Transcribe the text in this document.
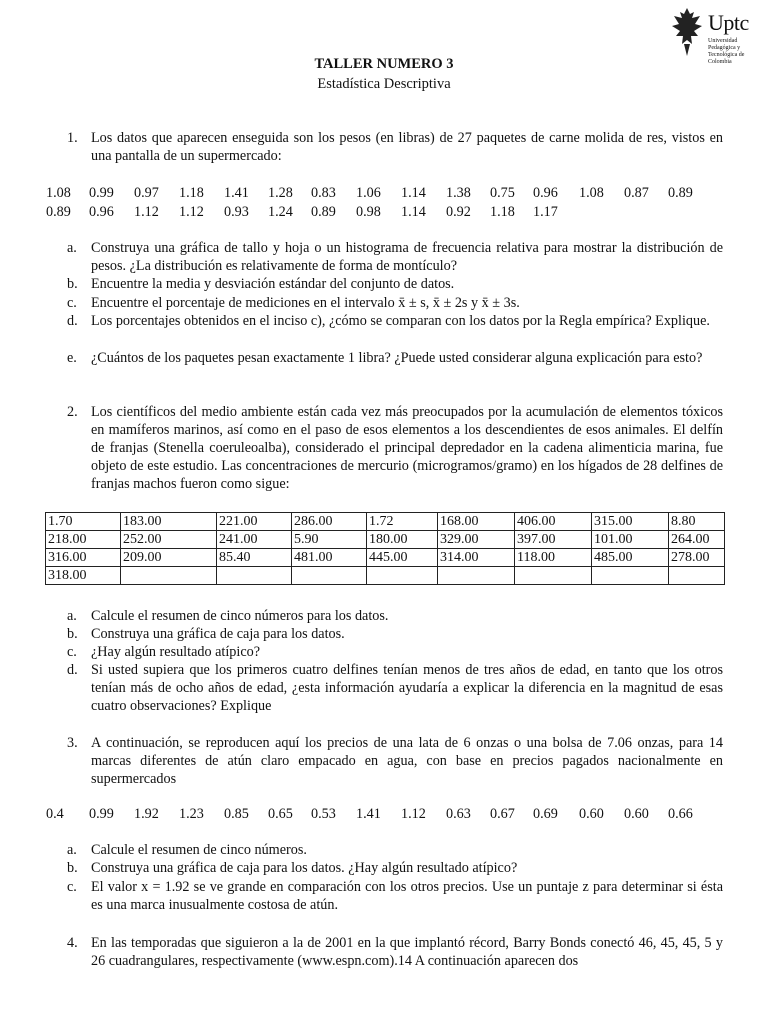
Uptc
Universidad Pedagógica y Tecnológica de Colombia
TALLER NUMERO 3
Estadística Descriptiva
1. Los datos que aparecen enseguida son los pesos (en libras) de 27 paquetes de carne molida de res, vistos en una pantalla de un supermercado:
1.08 0.99 0.97 1.18 1.41 1.28 0.83 1.06 1.14 1.38 0.75 0.96 1.08 0.87 0.89
0.89 0.96 1.12 1.12 0.93 1.24 0.89 0.98 1.14 0.92 1.18 1.17
a. Construya una gráfica de tallo y hoja o un histograma de frecuencia relativa para mostrar la distribución de pesos. ¿La distribución es relativamente de forma de montículo?
b. Encuentre la media y desviación estándar del conjunto de datos.
c. Encuentre el porcentaje de mediciones en el intervalo x̄ ± s, x̄ ± 2s y x̄ ± 3s.
d. Los porcentajes obtenidos en el inciso c), ¿cómo se comparan con los datos por la Regla empírica? Explique.
e. ¿Cuántos de los paquetes pesan exactamente 1 libra? ¿Puede usted considerar alguna explicación para esto?
2. Los científicos del medio ambiente están cada vez más preocupados por la acumulación de elementos tóxicos en mamíferos marinos, así como en el paso de esos elementos a los descendientes de esos animales. El delfín de franjas (Stenella coeruleoalba), considerado el principal depredador en la cadena alimenticia marina, fue objeto de este estudio. Las concentraciones de mercurio (microgramos/gramo) en los hígados de 28 delfines de franjas machos fueron como sigue:
1.70	183.00	221.00	286.00	1.72	168.00	406.00	315.00	8.80
218.00	252.00	241.00	5.90	180.00	329.00	397.00	101.00	264.00
316.00	209.00	85.40	481.00	445.00	314.00	118.00	485.00	278.00
318.00								
a. Calcule el resumen de cinco números para los datos.
b. Construya una gráfica de caja para los datos.
c. ¿Hay algún resultado atípico?
d. Si usted supiera que los primeros cuatro delfines tenían menos de tres años de edad, en tanto que los otros tenían más de ocho años de edad, ¿esta información ayudaría a explicar la diferencia en la magnitud de esas cuatro observaciones? Explique
3. A continuación, se reproducen aquí los precios de una lata de 6 onzas o una bolsa de 7.06 onzas, para 14 marcas diferentes de atún claro empacado en agua, con base en precios pagados nacionalmente en supermercados
0.4 0.99 1.92 1.23 0.85 0.65 0.53 1.41 1.12 0.63 0.67 0.69 0.60 0.60 0.66
a. Calcule el resumen de cinco números.
b. Construya una gráfica de caja para los datos. ¿Hay algún resultado atípico?
c. El valor x = 1.92 se ve grande en comparación con los otros precios. Use un puntaje z para determinar si ésta es una marca inusualmente costosa de atún.
4. En las temporadas que siguieron a la de 2001 en la que implantó récord, Barry Bonds conectó 46, 45, 45, 5 y 26 cuadrangulares, respectivamente (www.espn.com).14 A continuación aparecen dos
